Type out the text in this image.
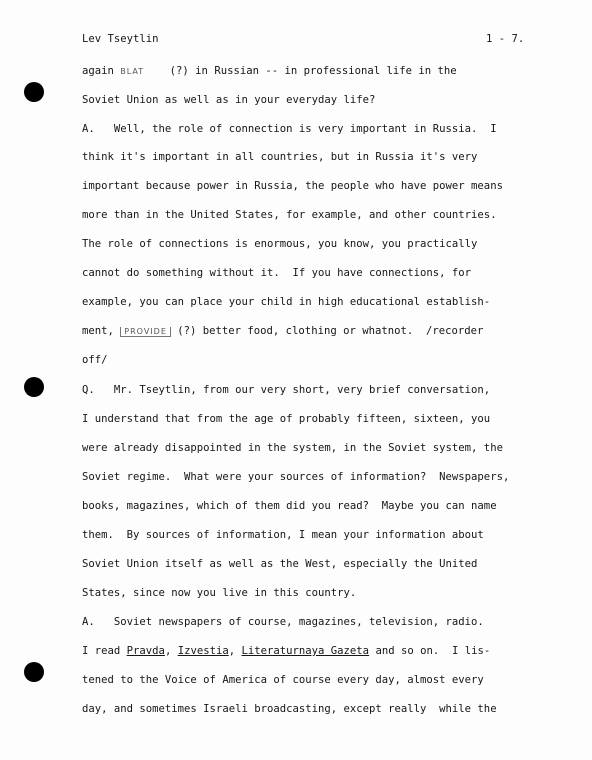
Lev Tseytlin	1 - 7.
again BLAT    (?) in Russian -- in professional life in the
Soviet Union as well as in your everyday life?
A.   Well, the role of connection is very important in Russia.  I
think it's important in all countries, but in Russia it's very
important because power in Russia, the people who have power means
more than in the United States, for example, and other countries.
The role of connections is enormous, you know, you practically
cannot do something without it.  If you have connections, for
example, you can place your child in high educational establish-
ment, PROVIDE (?) better food, clothing or whatnot.  /recorder
off/
Q.   Mr. Tseytlin, from our very short, very brief conversation,
I understand that from the age of probably fifteen, sixteen, you
were already disappointed in the system, in the Soviet system, the
Soviet regime.  What were your sources of information?  Newspapers,
books, magazines, which of them did you read?  Maybe you can name
them.  By sources of information, I mean your information about
Soviet Union itself as well as the West, especially the United
States, since now you live in this country.
A.   Soviet newspapers of course, magazines, television, radio.
I read Pravda, Izvestia, Literaturnaya Gazeta and so on.  I lis-
tened to the Voice of America of course every day, almost every
day, and sometimes Israeli broadcasting, except really  while the
